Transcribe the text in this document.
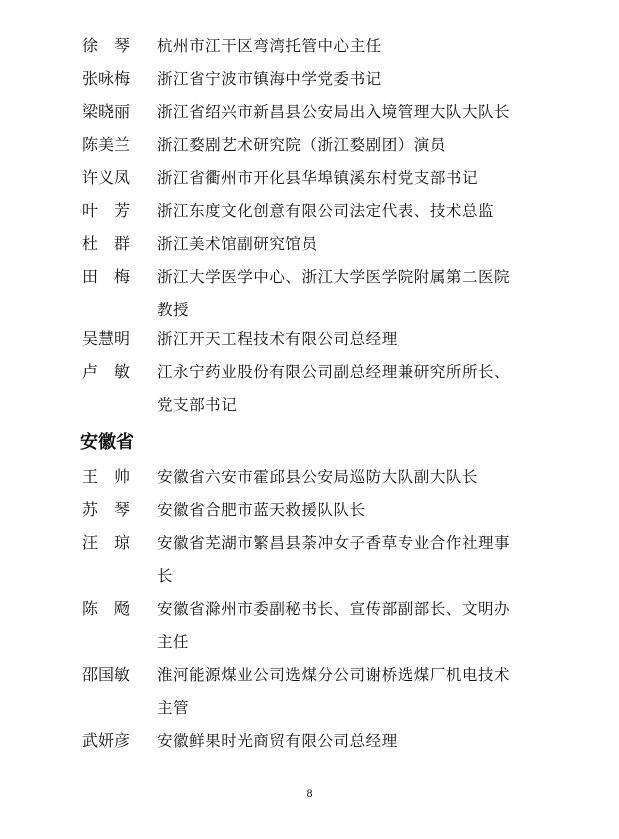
徐　琴 杭州市江干区弯湾托管中心主任
张咏梅 浙江省宁波市镇海中学党委书记
梁晓丽 浙江省绍兴市新昌县公安局出入境管理大队大队长
陈美兰 浙江婺剧艺术研究院（浙江婺剧团）演员
许义凤 浙江省衢州市开化县华埠镇溪东村党支部书记
叶　芳 浙江东度文化创意有限公司法定代表、技术总监
杜　群 浙江美术馆副研究馆员
田　梅 浙江大学医学中心、浙江大学医学院附属第二医院
教授
吴慧明 浙江开天工程技术有限公司总经理
卢　敏 江永宁药业股份有限公司副总经理兼研究所所长、
党支部书记
安徽省
王　帅 安徽省六安市霍邱县公安局巡防大队副大队长
苏　琴 安徽省合肥市蓝天救援队队长
汪　琼 安徽省芜湖市繁昌县荼冲女子香草专业合作社理事
长
陈　飏 安徽省滁州市委副秘书长、宣传部副部长、文明办
主任
邵国敏 淮河能源煤业公司选煤分公司谢桥选煤厂机电技术
主管
武妍彦 安徽鲜果时光商贸有限公司总经理
8
